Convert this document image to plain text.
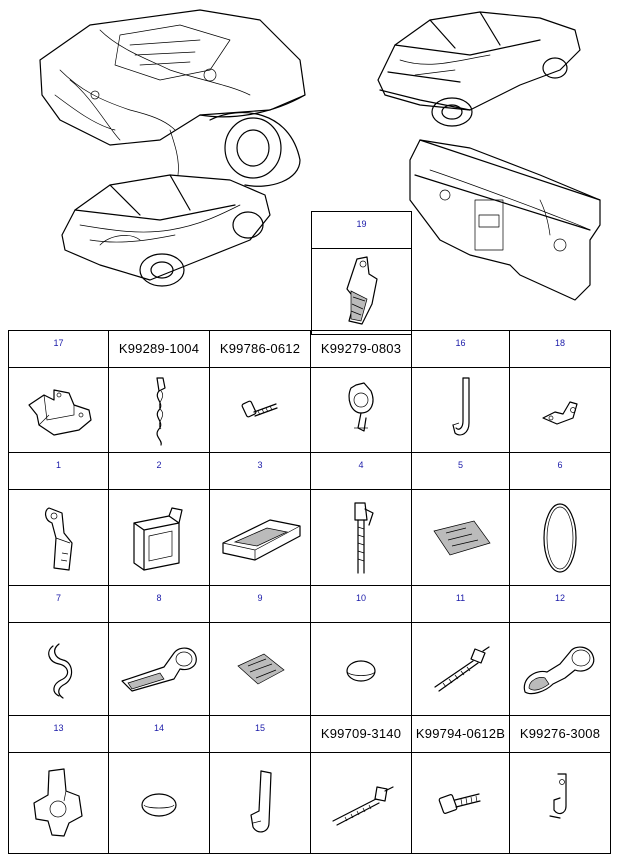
$^{19}$

$^{17}$	K99289-1004	K99786-0612	K99279-0803	$^{16}$	$^{18}$

$^1$	$^2$	$^3$	$^4$	$^5$	$^6$

$^7$	$^8$	$^9$	$^{10}$	$^{11}$	$^{12}$

$^{13}$	$^{14}$	$^{15}$	K99709-3140	K99794-0612B	K99276-3008
